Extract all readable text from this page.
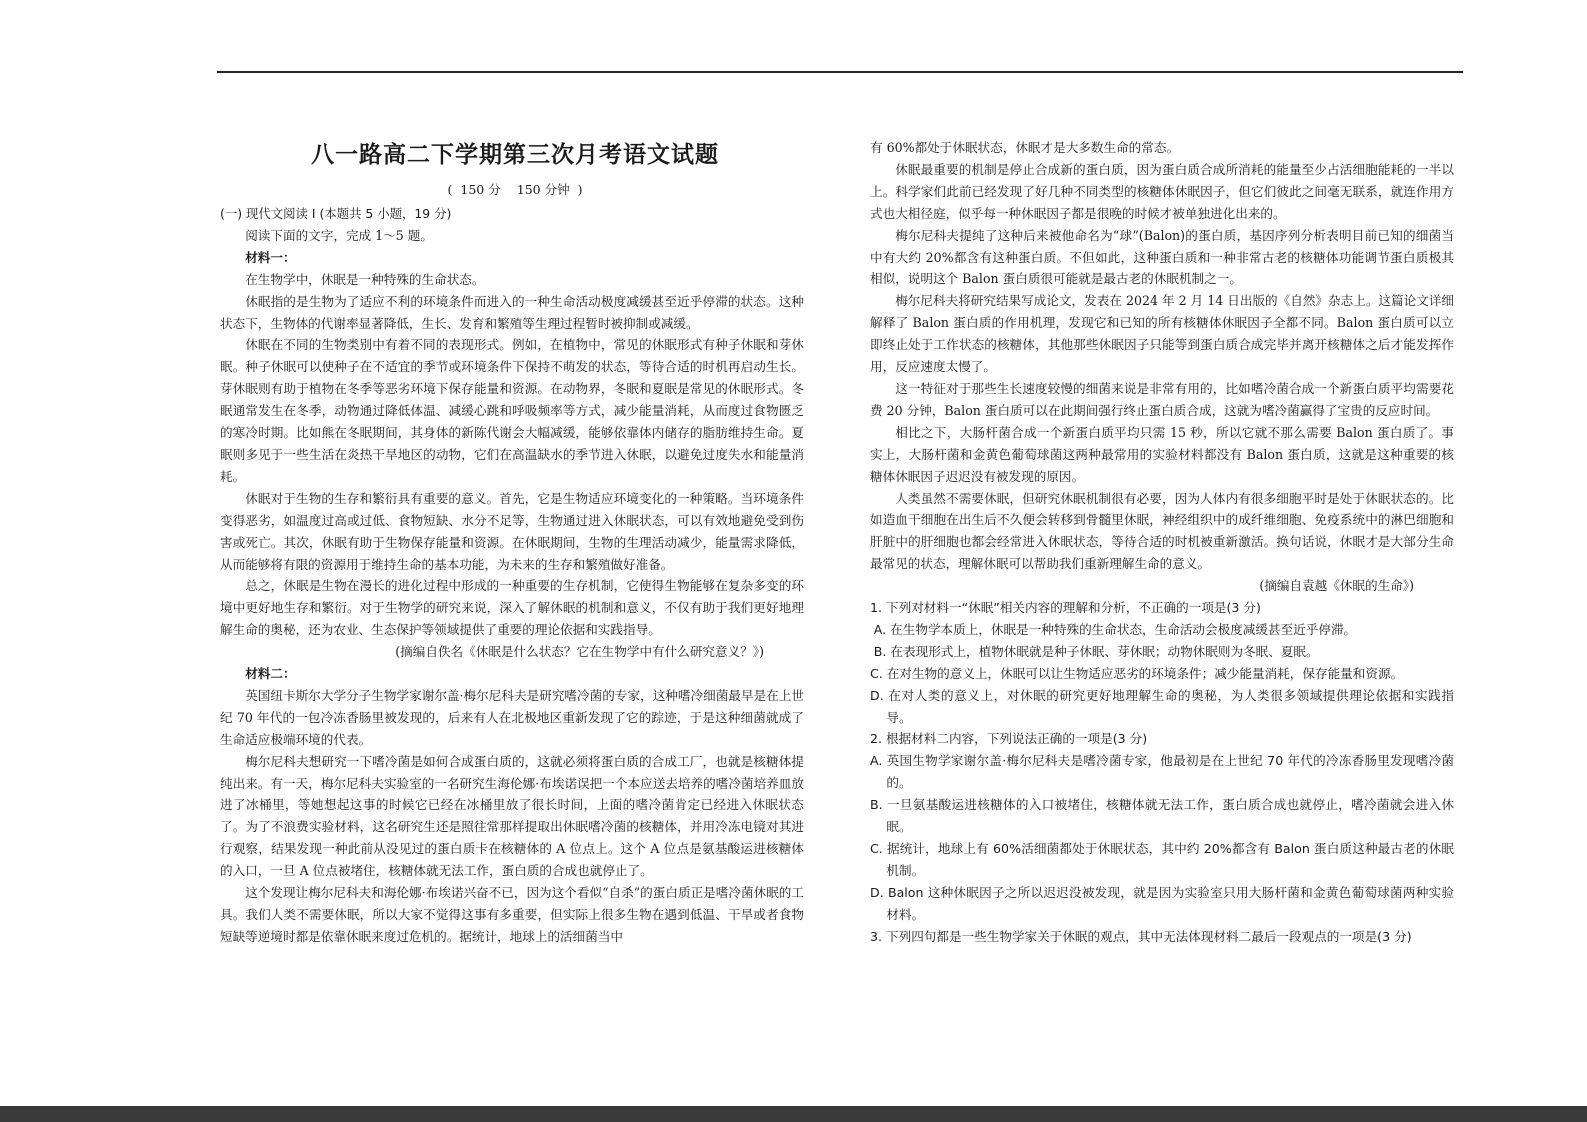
八一路高二下学期第三次月考语文试题
( 150 分 150 分钟 )

(一) 现代文阅读 I (本题共 5 小题，19 分)

阅读下面的文字，完成 1～5 题。

材料一：

在生物学中，休眠是一种特殊的生命状态。

休眠指的是生物为了适应不利的环境条件而进入的一种生命活动极度减缓甚至近乎停滞的状态。这种状态下，生物体的代谢率显著降低，生长、发育和繁殖等生理过程暂时被抑制或减缓。

休眠在不同的生物类别中有着不同的表现形式。例如，在植物中，常见的休眠形式有种子休眠和芽休眠。种子休眠可以使种子在不适宜的季节或环境条件下保持不萌发的状态，等待合适的时机再启动生长。芽休眠则有助于植物在冬季等恶劣环境下保存能量和资源。在动物界，冬眠和夏眠是常见的休眠形式。冬眠通常发生在冬季，动物通过降低体温、减缓心跳和呼吸频率等方式，减少能量消耗，从而度过食物匮乏的寒冷时期。比如熊在冬眠期间，其身体的新陈代谢会大幅减缓，能够依靠体内储存的脂肪维持生命。夏眠则多见于一些生活在炎热干旱地区的动物，它们在高温缺水的季节进入休眠，以避免过度失水和能量消耗。

休眠对于生物的生存和繁衍具有重要的意义。首先，它是生物适应环境变化的一种策略。当环境条件变得恶劣，如温度过高或过低、食物短缺、水分不足等，生物通过进入休眠状态，可以有效地避免受到伤害或死亡。其次，休眠有助于生物保存能量和资源。在休眠期间，生物的生理活动减少，能量需求降低，从而能够将有限的资源用于维持生命的基本功能，为未来的生存和繁殖做好准备。

总之，休眠是生物在漫长的进化过程中形成的一种重要的生存机制，它使得生物能够在复杂多变的环境中更好地生存和繁衍。对于生物学的研究来说，深入了解休眠的机制和意义，不仅有助于我们更好地理解生命的奥秘，还为农业、生态保护等领域提供了重要的理论依据和实践指导。

(摘编自佚名《休眠是什么状态？它在生物学中有什么研究意义？》)

材料二：

英国纽卡斯尔大学分子生物学家谢尔盖·梅尔尼科夫是研究嗜冷菌的专家，这种嗜冷细菌最早是在上世纪 70 年代的一包冷冻香肠里被发现的，后来有人在北极地区重新发现了它的踪迹，于是这种细菌就成了生命适应极端环境的代表。

梅尔尼科夫想研究一下嗜冷菌是如何合成蛋白质的，这就必须将蛋白质的合成工厂，也就是核糖体提纯出来。有一天，梅尔尼科夫实验室的一名研究生海伦娜·布埃诺误把一个本应送去培养的嗜冷菌培养皿放进了冰桶里，等她想起这事的时候它已经在冰桶里放了很长时间，上面的嗜冷菌肯定已经进入休眠状态了。为了不浪费实验材料，这名研究生还是照往常那样提取出休眠嗜冷菌的核糖体，并用冷冻电镜对其进行观察，结果发现一种此前从没见过的蛋白质卡在核糖体的 A 位点上。这个 A 位点是氨基酸运进核糖体的入口，一旦 A 位点被堵住，核糖体就无法工作，蛋白质的合成也就停止了。

这个发现让梅尔尼科夫和海伦娜·布埃诺兴奋不已，因为这个看似“自杀”的蛋白质正是嗜冷菌休眠的工具。我们人类不需要休眠，所以大家不觉得这事有多重要，但实际上很多生物在遇到低温、干旱或者食物短缺等逆境时都是依靠休眠来度过危机的。据统计，地球上的活细菌当中

有 60%都处于休眠状态，休眠才是大多数生命的常态。

休眠最重要的机制是停止合成新的蛋白质，因为蛋白质合成所消耗的能量至少占活细胞能耗的一半以上。科学家们此前已经发现了好几种不同类型的核糖体休眠因子，但它们彼此之间毫无联系，就连作用方式也大相径庭，似乎每一种休眠因子都是很晚的时候才被单独进化出来的。

梅尔尼科夫提纯了这种后来被他命名为“球”(Balon)的蛋白质，基因序列分析表明目前已知的细菌当中有大约 20%都含有这种蛋白质。不但如此，这种蛋白质和一种非常古老的核糖体功能调节蛋白质极其相似，说明这个 Balon 蛋白质很可能就是最古老的休眠机制之一。

梅尔尼科夫将研究结果写成论文，发表在 2024 年 2 月 14 日出版的《自然》杂志上。这篇论文详细解释了 Balon 蛋白质的作用机理，发现它和已知的所有核糖体休眠因子全都不同。Balon 蛋白质可以立即终止处于工作状态的核糖体，其他那些休眠因子只能等到蛋白质合成完毕并离开核糖体之后才能发挥作用，反应速度太慢了。

这一特征对于那些生长速度较慢的细菌来说是非常有用的，比如嗜冷菌合成一个新蛋白质平均需要花费 20 分钟，Balon 蛋白质可以在此期间强行终止蛋白质合成，这就为嗜冷菌赢得了宝贵的反应时间。

相比之下，大肠杆菌合成一个新蛋白质平均只需 15 秒，所以它就不那么需要 Balon 蛋白质了。事实上，大肠杆菌和金黄色葡萄球菌这两种最常用的实验材料都没有 Balon 蛋白质，这就是这种重要的核糖体休眠因子迟迟没有被发现的原因。

人类虽然不需要休眠，但研究休眠机制很有必要，因为人体内有很多细胞平时是处于休眠状态的。比如造血干细胞在出生后不久便会转移到骨髓里休眠，神经组织中的成纤维细胞、免疫系统中的淋巴细胞和肝脏中的肝细胞也都会经常进入休眠状态，等待合适的时机被重新激活。换句话说，休眠才是大部分生命最常见的状态，理解休眠可以帮助我们重新理解生命的意义。

(摘编自袁越《休眠的生命》)

1. 下列对材料一“休眠”相关内容的理解和分析，不正确的一项是(3 分)

A. 在生物学本质上，休眠是一种特殊的生命状态，生命活动会极度减缓甚至近乎停滞。

B. 在表现形式上，植物休眠就是种子休眠、芽休眠；动物休眠则为冬眠、夏眠。

C. 在对生物的意义上，休眠可以让生物适应恶劣的环境条件；减少能量消耗，保存能量和资源。

D. 在对人类的意义上，对休眠的研究更好地理解生命的奥秘，为人类很多领域提供理论依据和实践指导。

2. 根据材料二内容，下列说法正确的一项是(3 分)

A. 英国生物学家谢尔盖·梅尔尼科夫是嗜冷菌专家，他最初是在上世纪 70 年代的冷冻香肠里发现嗜冷菌的。

B. 一旦氨基酸运进核糖体的入口被堵住，核糖体就无法工作，蛋白质合成也就停止，嗜冷菌就会进入休眠。

C. 据统计，地球上有 60%活细菌都处于休眠状态，其中约 20%都含有 Balon 蛋白质这种最古老的休眠机制。

D. Balon 这种休眠因子之所以迟迟没被发现，就是因为实验室只用大肠杆菌和金黄色葡萄球菌两种实验材料。

3. 下列四句都是一些生物学家关于休眠的观点，其中无法体现材料二最后一段观点的一项是(3 分)
